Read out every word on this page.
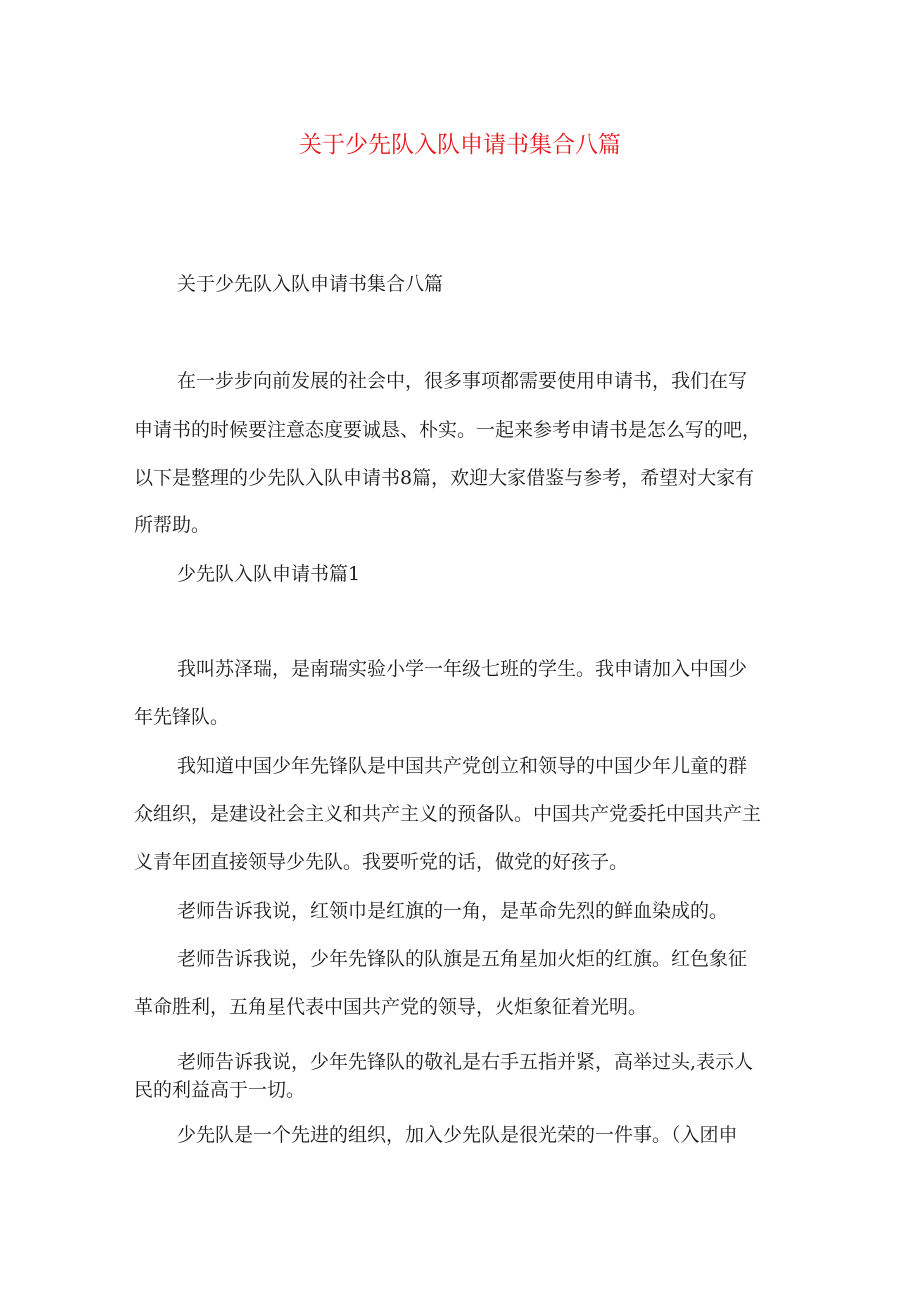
关于少先队入队申请书集合八篇

关于少先队入队申请书集合八篇

在一步步向前发展的社会中，很多事项都需要使用申请书，我们在写

申请书的时候要注意态度要诚恳、朴实。一起来参考申请书是怎么写的吧，

以下是整理的少先队入队申请书8篇，欢迎大家借鉴与参考，希望对大家有

所帮助。

少先队入队申请书篇1

我叫苏泽瑞，是南瑞实验小学一年级七班的学生。我申请加入中国少

年先锋队。

我知道中国少年先锋队是中国共产党创立和领导的中国少年儿童的群

众组织，是建设社会主义和共产主义的预备队。中国共产党委托中国共产主

义青年团直接领导少先队。我要听党的话，做党的好孩子。

老师告诉我说，红领巾是红旗的一角，是革命先烈的鲜血染成的。

老师告诉我说，少年先锋队的队旗是五角星加火炬的红旗。红色象征

革命胜利，五角星代表中国共产党的领导，火炬象征着光明。

老师告诉我说，少年先锋队的敬礼是右手五指并紧，高举过头,表示人

民的利益高于一切。

少先队是一个先进的组织，加入少先队是很光荣的一件事。（入团申
